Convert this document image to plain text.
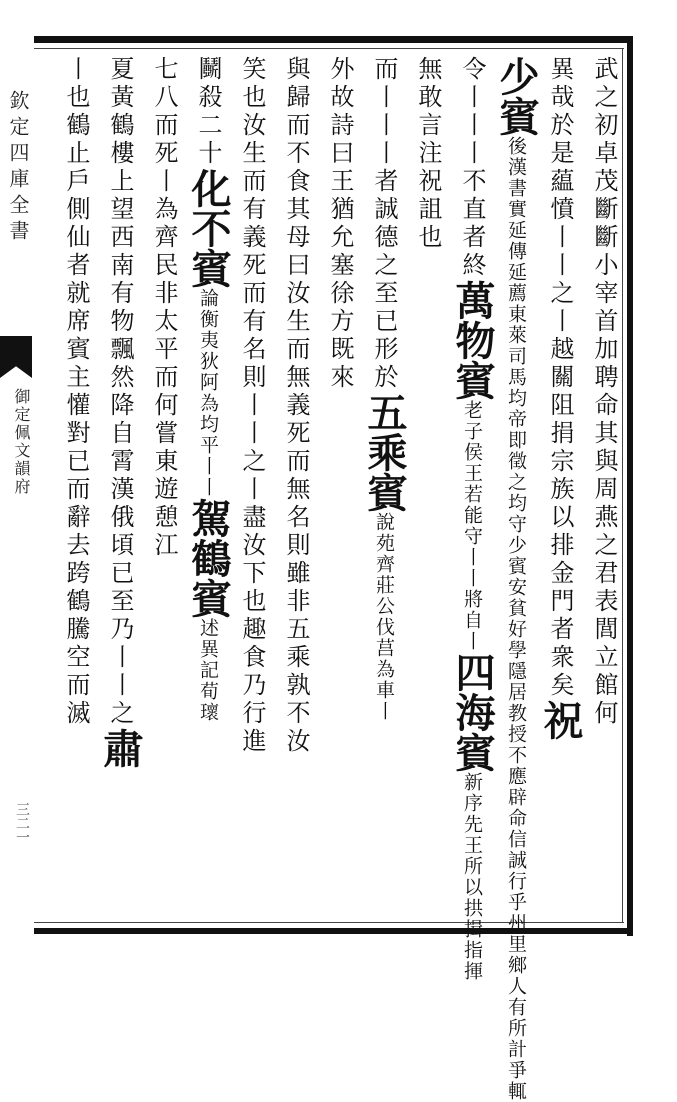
欽定四庫全書
御定佩文韻府
三二一
武之初卓茂斷斷小宰首加聘命其與周燕之君表閭立館何
異哉於是藴憤丨丨之丨越關阻捐宗族以排金門者衆矣祝
少賓後漢書實延傳延薦東萊司馬均帝即徵之均守少賓安貧好學隱居教授不應辟命信誠行乎州里鄉人有所計爭輒
令丨丨丨不直者終萬物賓老子侯王若能守丨丨將自丨四海賓新序先王所以拱揖指揮
無敢言注祝詛也
而丨丨丨者誠德之至已形於五乘賓說苑齊莊公伐莒為車丨
外故詩曰王猶允塞徐方既來
與歸而不食其母曰汝生而無義死而無名則雖非五乘孰不汝
笑也汝生而有義死而有名則丨丨之丨盡汝下也趣食乃行進
鬭殺二十化不賓論衡夷狄阿為均平丨丨駕鶴賓述異記荀瓌
七八而死丨為齊民非太平而何嘗東遊憩江
夏黃鶴樓上望西南有物飄然降自霄漢俄頃已至乃丨丨之肅
丨也鶴止戶側仙者就席賓主懽對已而辭去跨鶴騰空而滅
